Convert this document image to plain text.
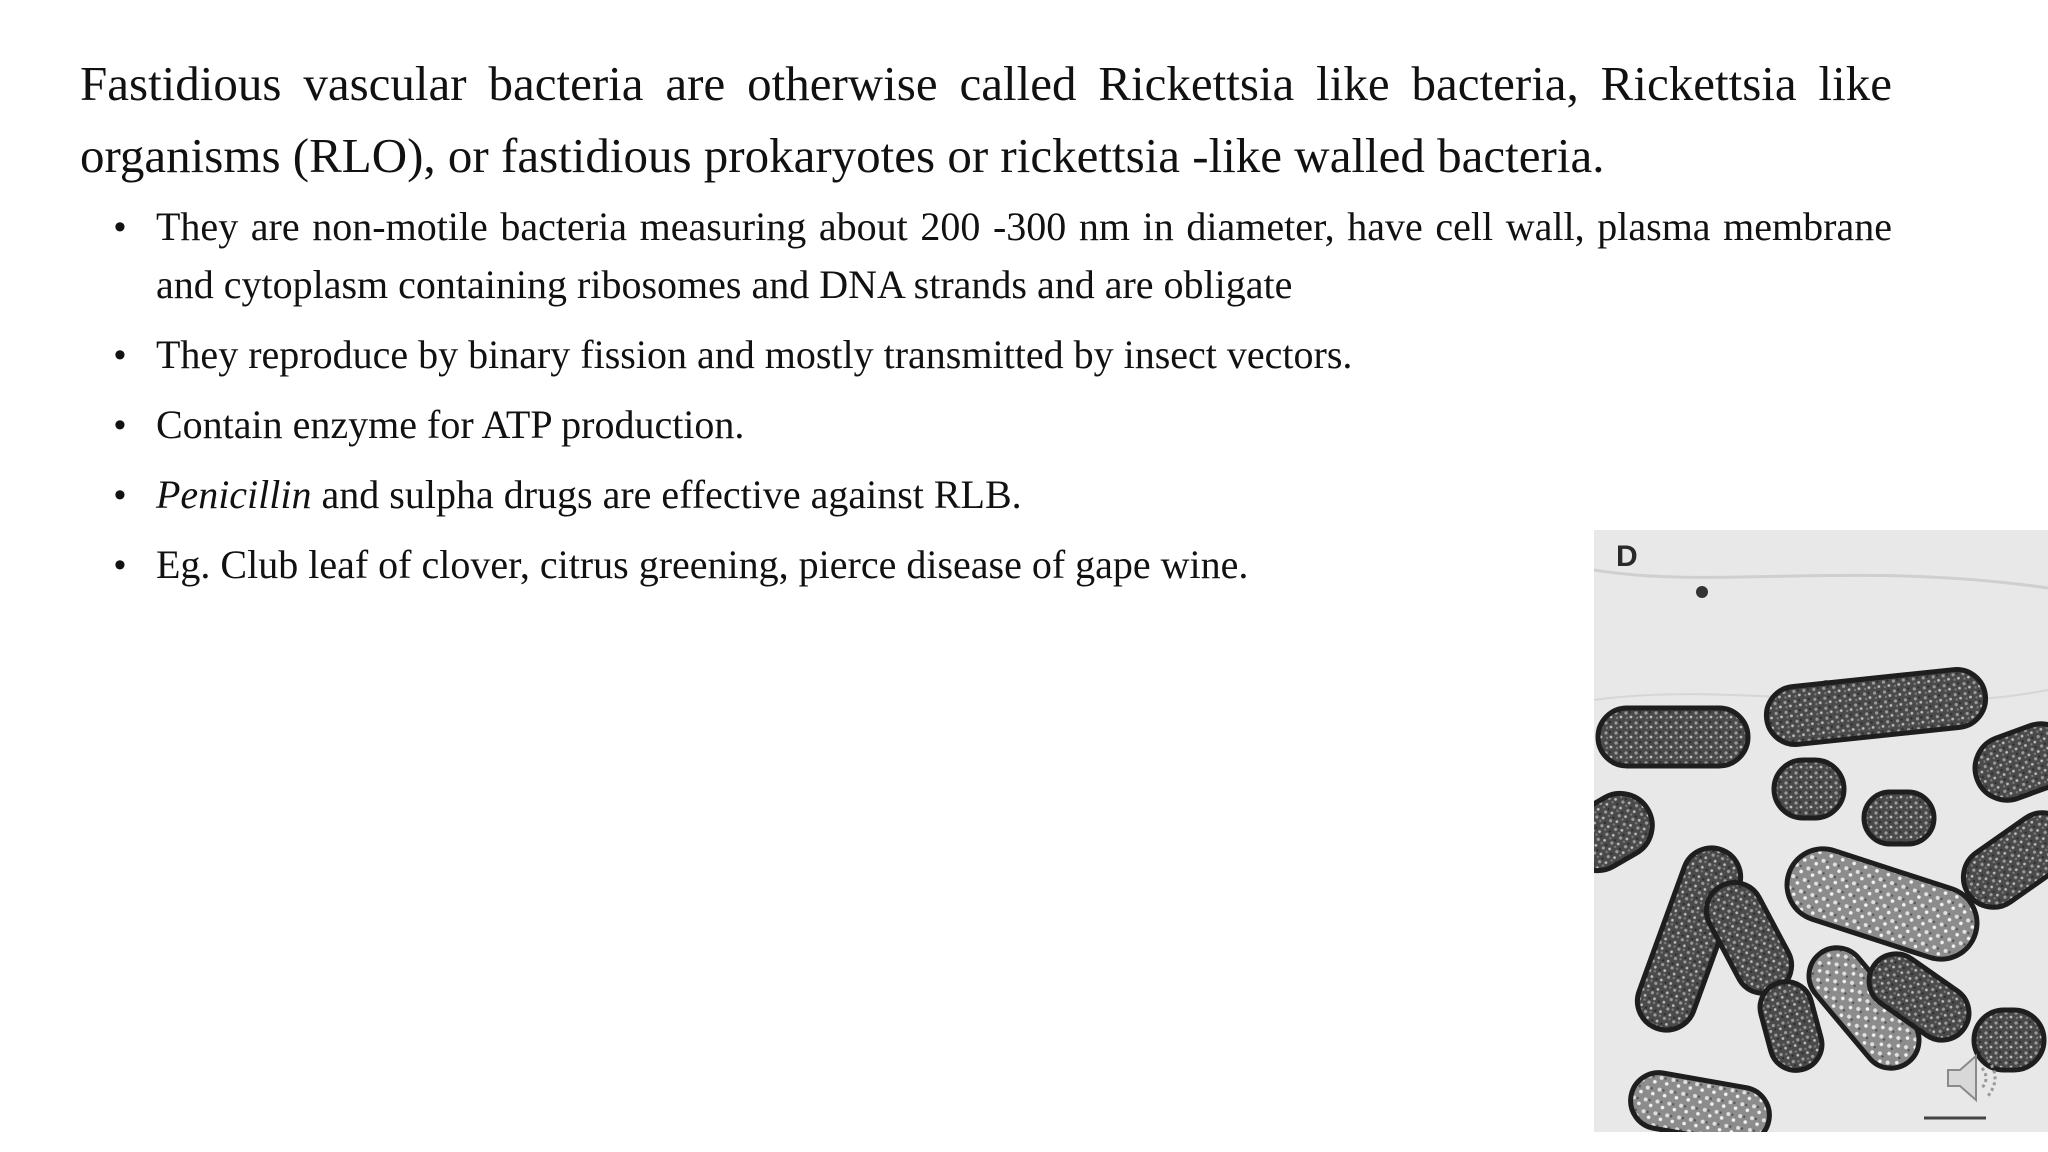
Fastidious vascular bacteria are otherwise called Rickettsia like bacteria, Rickettsia like organisms (RLO), or fastidious prokaryotes or rickettsia -like walled bacteria.

• They are non-motile bacteria measuring about 200 -300 nm in diameter, have cell wall, plasma membrane and cytoplasm containing ribosomes and DNA strands and are obligate
• They reproduce by binary fission and mostly transmitted by insect vectors.
• Contain enzyme for ATP production.
• Penicillin and sulpha drugs are effective against RLB.
• Eg. Club leaf of clover, citrus greening, pierce disease of gape wine.	D
